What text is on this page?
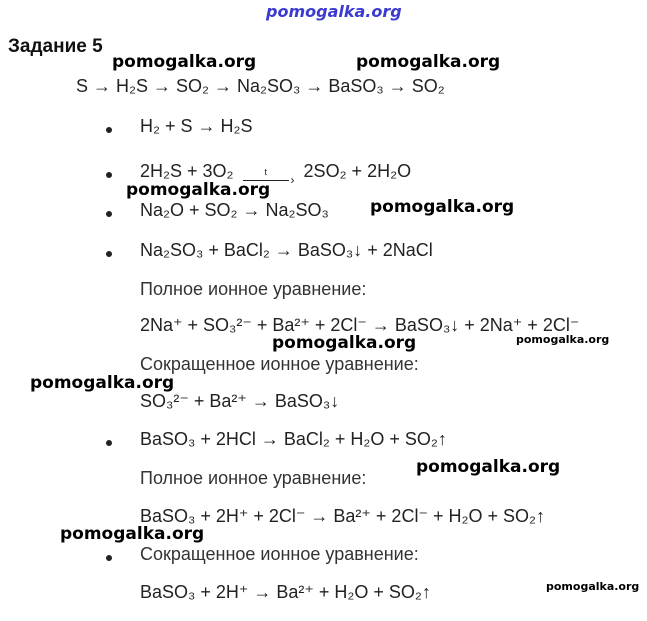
pomogalka.org
Задание 5
pomogalka.org	pomogalka.org
S → H₂S → SO₂ → Na₂SO₃ → BaSO₃ → SO₂
H₂ + S → H₂S
2H₂S + 3O₂	t
› 2SO₂ + 2H₂O
pomogalka.org
Na₂O + SO₂ → Na₂SO₃ pomogalka.org
Na₂SO₃ + BaCl₂ → BaSO₃↓ + 2NaCl
Полное ионное уравнение:
2Na⁺ + SO₃²⁻ + Ba²⁺ + 2Cl⁻ → BaSO₃↓ + 2Na⁺ + 2Cl⁻
pomogalka.org
pomogalka.org
Сокращенное ионное уравнение:
pomogalka.org
SO₃²⁻ + Ba²⁺ → BaSO₃↓
BaSO₃ + 2HCl → BaCl₂ + H₂O + SO₂↑
Полное ионное уравнение:
pomogalka.org
BaSO₃ + 2H⁺ + 2Cl⁻ → Ba²⁺ + 2Cl⁻ + H₂O + SO₂↑
pomogalka.org
Сокращенное ионное уравнение:
BaSO₃ + 2H⁺ → Ba²⁺ + H₂O + SO₂↑	pomogalka.org
